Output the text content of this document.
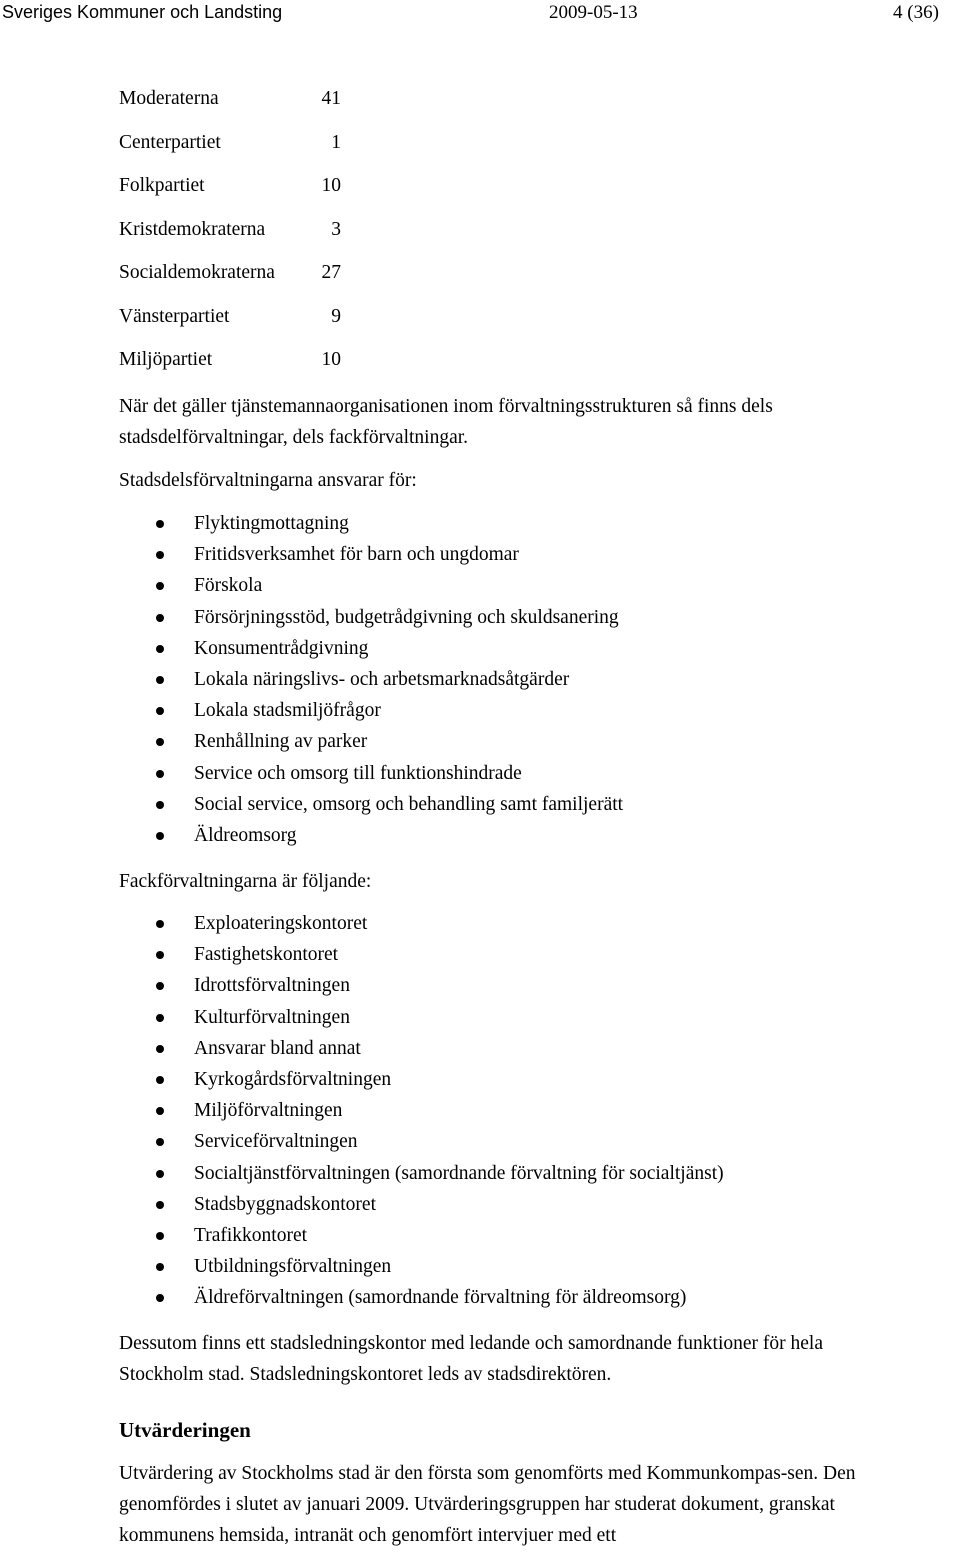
Sveriges Kommuner och Landsting	2009-05-13	4 (36)
Moderaterna	41
Centerpartiet	1
Folkpartiet	10
Kristdemokraterna	3
Socialdemokraterna	27
Vänsterpartiet	9
Miljöpartiet	10
När det gäller tjänstemannaorganisationen inom förvaltningsstrukturen så finns dels stadsdelförvaltningar, dels fackförvaltningar.
Stadsdelsförvaltningarna ansvarar för:
Flyktingmottagning
Fritidsverksamhet för barn och ungdomar
Förskola
Försörjningsstöd, budgetrådgivning och skuldsanering
Konsumentrådgivning
Lokala näringslivs- och arbetsmarknadsåtgärder
Lokala stadsmiljöfrågor
Renhållning av parker
Service och omsorg till funktionshindrade
Social service, omsorg och behandling samt familjerätt
Äldreomsorg
Fackförvaltningarna är följande:
Exploateringskontoret
Fastighetskontoret
Idrottsförvaltningen
Kulturförvaltningen
Ansvarar bland annat
Kyrkogårdsförvaltningen
Miljöförvaltningen
Serviceförvaltningen
Socialtjänstförvaltningen (samordnande förvaltning för socialtjänst)
Stadsbyggnadskontoret
Trafikkontoret
Utbildningsförvaltningen
Äldreförvaltningen (samordnande förvaltning för äldreomsorg)
Dessutom finns ett stadsledningskontor med ledande och samordnande funktioner för hela Stockholm stad. Stadsledningskontoret leds av stadsdirektören.
Utvärderingen
Utvärdering av Stockholms stad är den första som genomförts med Kommunkompas-sen. Den genomfördes i slutet av januari 2009. Utvärderingsgruppen har studerat dokument, granskat kommunens hemsida, intranät och genomfört intervjuer med ett
